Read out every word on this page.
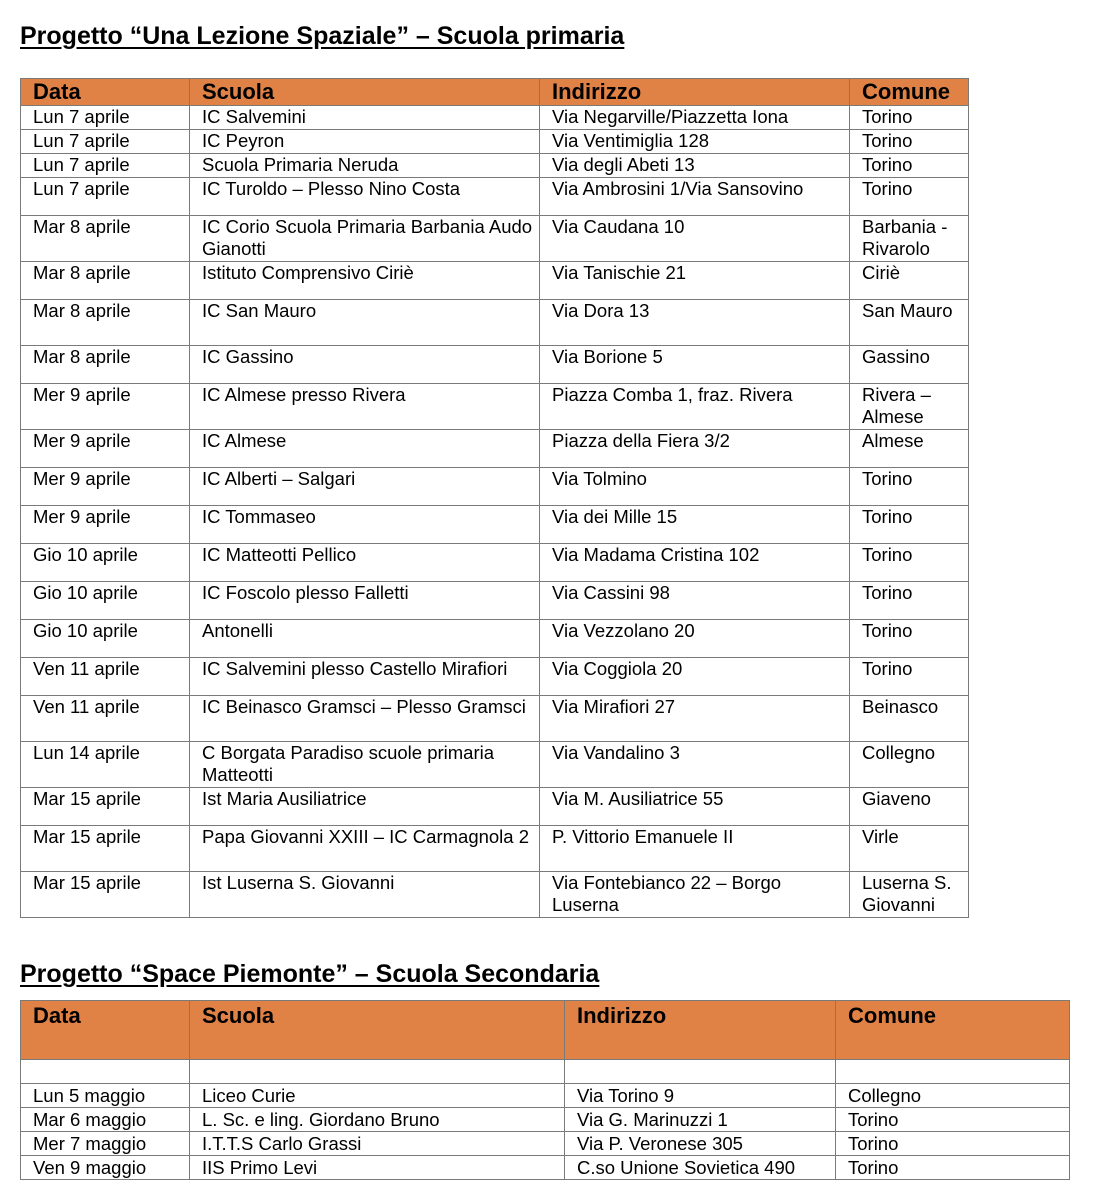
Progetto “Una Lezione Spaziale” – Scuola primaria
Data	Scuola	Indirizzo	Comune
Lun 7 aprile	IC Salvemini	Via Negarville/Piazzetta Iona	Torino
Lun 7 aprile	IC Peyron	Via Ventimiglia 128	Torino
Lun 7 aprile	Scuola Primaria Neruda	Via degli Abeti 13	Torino
Lun 7 aprile	IC Turoldo – Plesso Nino Costa	Via Ambrosini 1/Via Sansovino	Torino
Mar 8 aprile	IC Corio Scuola Primaria Barbania Audo Gianotti	Via Caudana 10	Barbania - Rivarolo
Mar 8 aprile	Istituto Comprensivo Ciriè	Via Tanischie 21	Ciriè
Mar 8 aprile	IC San Mauro	Via Dora 13	San Mauro
Mar 8 aprile	IC Gassino	Via Borione 5	Gassino
Mer 9 aprile	IC Almese presso Rivera	Piazza Comba 1, fraz. Rivera	Rivera – Almese
Mer 9 aprile	IC Almese	Piazza della Fiera 3/2	Almese
Mer 9 aprile	IC Alberti – Salgari	Via Tolmino	Torino
Mer 9 aprile	IC Tommaseo	Via dei Mille 15	Torino
Gio 10 aprile	IC Matteotti Pellico	Via Madama Cristina 102	Torino
Gio 10 aprile	IC Foscolo plesso Falletti	Via Cassini 98	Torino
Gio 10 aprile	Antonelli	Via Vezzolano 20	Torino
Ven 11 aprile	IC Salvemini plesso Castello Mirafiori	Via Coggiola 20	Torino
Ven 11 aprile	IC Beinasco Gramsci – Plesso Gramsci	Via Mirafiori 27	Beinasco
Lun 14 aprile	C Borgata Paradiso scuole primaria Matteotti	Via Vandalino 3	Collegno
Mar 15 aprile	Ist Maria Ausiliatrice	Via M. Ausiliatrice 55	Giaveno
Mar 15 aprile	Papa Giovanni XXIII – IC Carmagnola 2	P. Vittorio Emanuele II	Virle
Mar 15 aprile	Ist Luserna S. Giovanni	Via Fontebianco 22 – Borgo Luserna	Luserna S. Giovanni
Progetto “Space Piemonte” – Scuola Secondaria
Data	Scuola	Indirizzo	Comune

Lun 5 maggio	Liceo Curie	Via Torino 9	Collegno
Mar 6 maggio	L. Sc. e ling. Giordano Bruno	Via G. Marinuzzi 1	Torino
Mer 7 maggio	I.T.T.S Carlo Grassi	Via P. Veronese 305	Torino
Ven 9 maggio	IIS Primo Levi	C.so Unione Sovietica 490	Torino
